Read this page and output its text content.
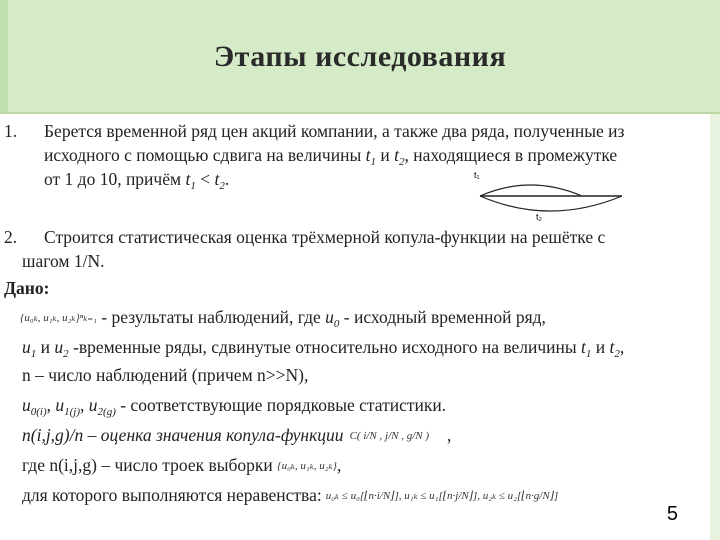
Этапы исследования
1. Берется временной ряд цен акций компании, а также два ряда, полученные из
исходного с помощью сдвига на величины $t_1$ и $t_2$, находящиеся в промежутке
от 1 до 10, причём $t_1 < t_2$.	t₁
t₂
2. Строится статистическая оценка трёхмерной копула-функции на решётке с
шагом 1/N.
Дано:
{u₀ₖ, u₁ₖ, u₂ₖ}ⁿₖ₌₁ - результаты наблюдений, где $u_0$ - исходный временной ряд,
$u_1$ и $u_2$ -временные ряды, сдвинутые относительно исходного на величины $t_1$ и $t_2$,
n – число наблюдений (причем n>>N),
$u_{0(i)}$, $u_{1(j)}$, $u_{2(g)}$ - соответствующие порядковые статистики.
n(i,j,g)/n – оценка значения копула-функции C( i/N , j/N , g/N ) ,
где n(i,j,g) – число троек выборки {u₀ₖ, u₁ₖ, u₂ₖ},
для которого выполняются неравенства: u₀ₖ ≤ u₀[⌊n·i/N⌋], u₁ₖ ≤ u₁[⌊n·j/N⌋], u₂ₖ ≤ u₂[⌊n·g/N⌋]
5
